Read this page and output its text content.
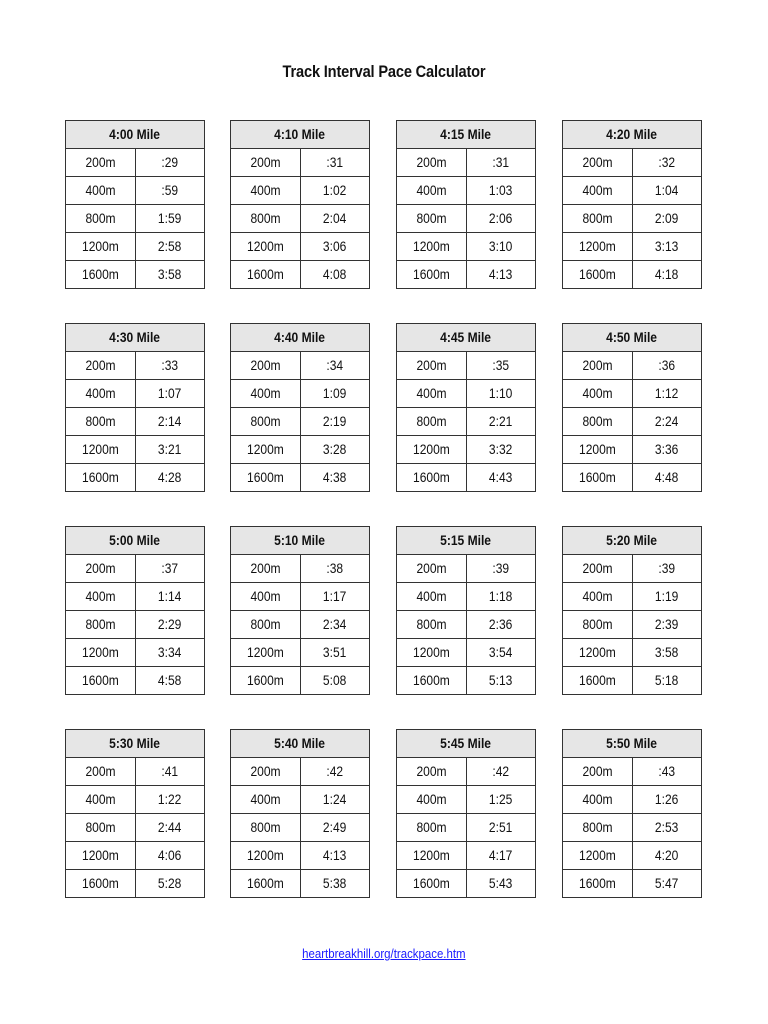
Track Interval Pace Calculator
4:00 Mile	
200m	:29
400m	:59
800m	1:59
1200m	2:58
1600m	3:58
4:10 Mile	
200m	:31
400m	1:02
800m	2:04
1200m	3:06
1600m	4:08
4:15 Mile	
200m	:31
400m	1:03
800m	2:06
1200m	3:10
1600m	4:13
4:20 Mile	
200m	:32
400m	1:04
800m	2:09
1200m	3:13
1600m	4:18
4:30 Mile	
200m	:33
400m	1:07
800m	2:14
1200m	3:21
1600m	4:28
4:40 Mile	
200m	:34
400m	1:09
800m	2:19
1200m	3:28
1600m	4:38
4:45 Mile	
200m	:35
400m	1:10
800m	2:21
1200m	3:32
1600m	4:43
4:50 Mile	
200m	:36
400m	1:12
800m	2:24
1200m	3:36
1600m	4:48
5:00 Mile	
200m	:37
400m	1:14
800m	2:29
1200m	3:34
1600m	4:58
5:10 Mile	
200m	:38
400m	1:17
800m	2:34
1200m	3:51
1600m	5:08
5:15 Mile	
200m	:39
400m	1:18
800m	2:36
1200m	3:54
1600m	5:13
5:20 Mile	
200m	:39
400m	1:19
800m	2:39
1200m	3:58
1600m	5:18
5:30 Mile	
200m	:41
400m	1:22
800m	2:44
1200m	4:06
1600m	5:28
5:40 Mile	
200m	:42
400m	1:24
800m	2:49
1200m	4:13
1600m	5:38
5:45 Mile	
200m	:42
400m	1:25
800m	2:51
1200m	4:17
1600m	5:43
5:50 Mile	
200m	:43
400m	1:26
800m	2:53
1200m	4:20
1600m	5:47
heartbreakhill.org/trackpace.htm
